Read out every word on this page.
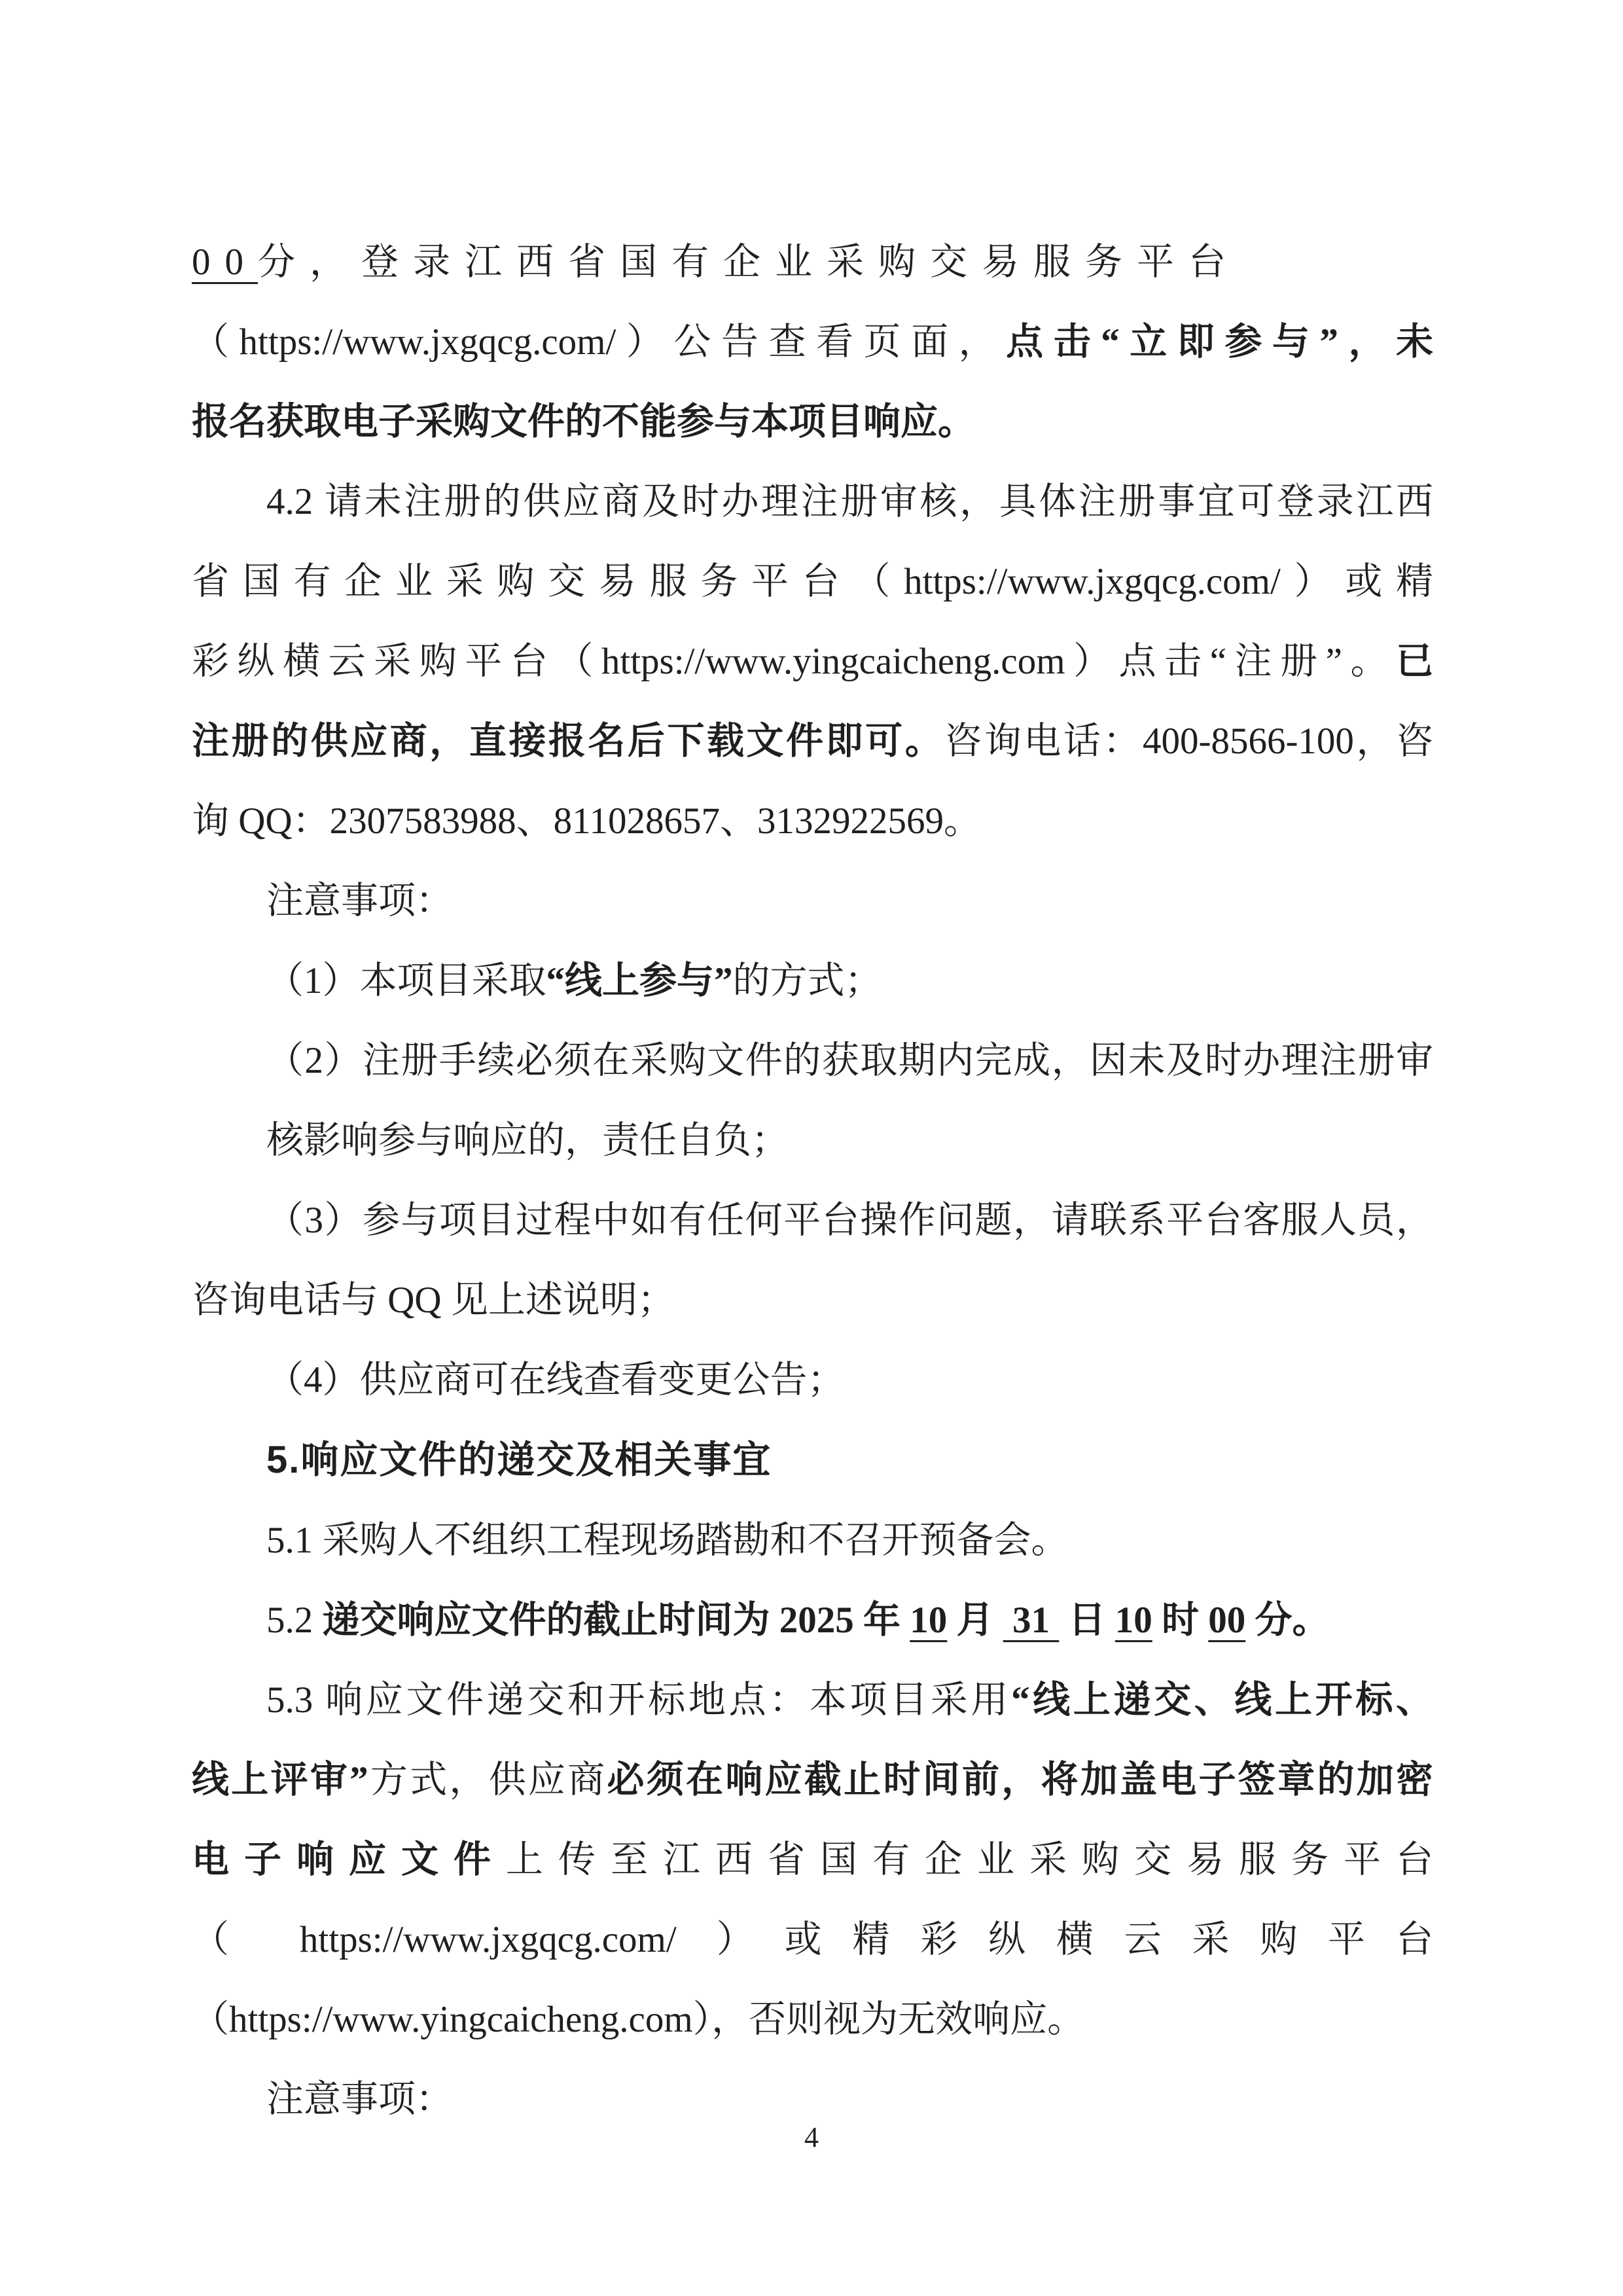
00分，登录江西省国有企业采购交易服务平台
（https://www.jxgqcg.com/）公告查看页面，点击“立即参与”，未
报名获取电子采购文件的不能参与本项目响应。
4.2 请未注册的供应商及时办理注册审核，具体注册事宜可登录江西
省国有企业采购交易服务平台（https://www.jxgqcg.com/）或精
彩纵横云采购平台（https://www.yingcaicheng.com）点击“注册”。已
注册的供应商，直接报名后下载文件即可。咨询电话：400-8566-100，咨
询 QQ：2307583988、811028657、3132922569。
注意事项：
（1）本项目采取“线上参与”的方式；
（2）注册手续必须在采购文件的获取期内完成，因未及时办理注册审
核影响参与响应的，责任自负；
（3）参与项目过程中如有任何平台操作问题，请联系平台客服人员，
咨询电话与 QQ 见上述说明；
（4）供应商可在线查看变更公告；
5.响应文件的递交及相关事宜
5.1 采购人不组织工程现场踏勘和不召开预备会。
5.2 递交响应文件的截止时间为 2025 年 10 月  31  日 10 时 00 分。
5.3 响应文件递交和开标地点：本项目采用“线上递交、线上开标、
线上评审”方式，供应商必须在响应截止时间前，将加盖电子签章的加密
电子响应文件上传至江西省国有企业采购交易服务平台
（ https://www.jxgqcg.com/ ）或精彩纵横云采购平台
（https://www.yingcaicheng.com），否则视为无效响应。
注意事项：
4
